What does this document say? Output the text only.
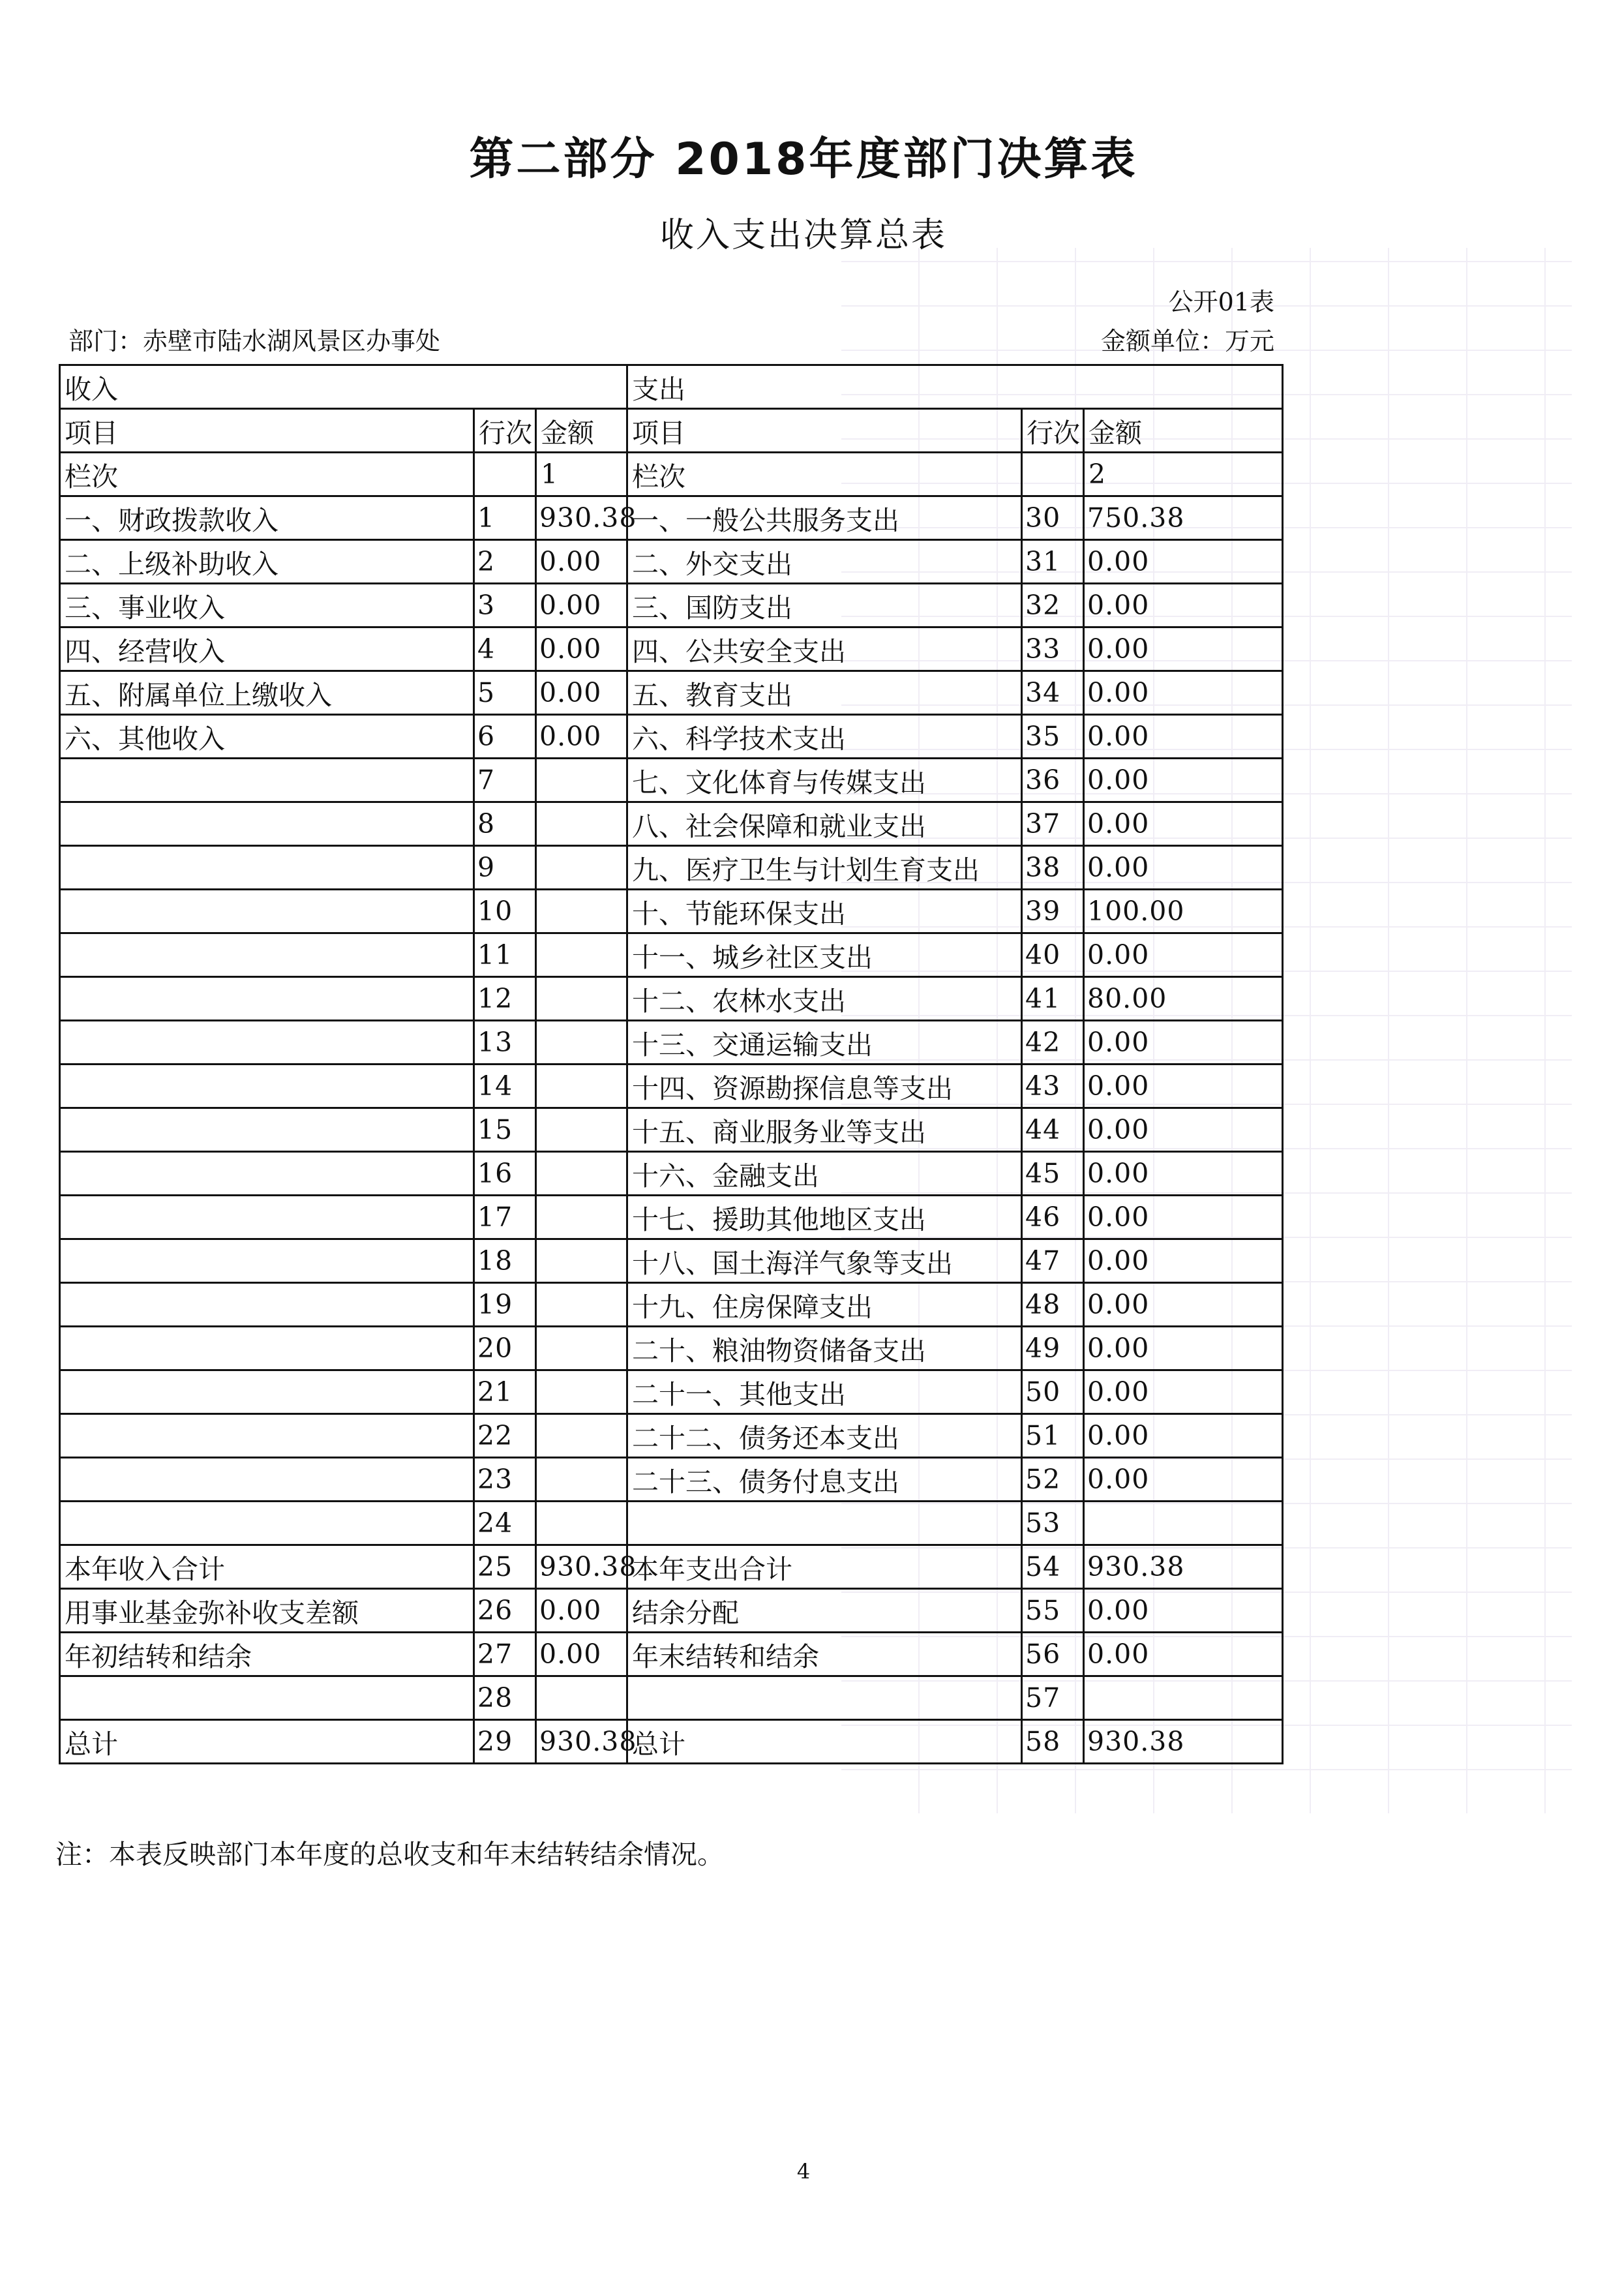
第二部分 2018年度部门决算表
收入支出决算总表
公开01表
部门：赤壁市陆水湖风景区办事处	金额单位：万元
收入			支出		
项目	行次	金额	项目	行次	金额
栏次		1	栏次		2
一、财政拨款收入	1	930.38	一、一般公共服务支出	30	750.38
二、上级补助收入	2	0.00	二、外交支出	31	0.00
三、事业收入	3	0.00	三、国防支出	32	0.00
四、经营收入	4	0.00	四、公共安全支出	33	0.00
五、附属单位上缴收入	5	0.00	五、教育支出	34	0.00
六、其他收入	6	0.00	六、科学技术支出	35	0.00
	7		七、文化体育与传媒支出	36	0.00
	8		八、社会保障和就业支出	37	0.00
	9		九、医疗卫生与计划生育支出	38	0.00
	10		十、节能环保支出	39	100.00
	11		十一、城乡社区支出	40	0.00
	12		十二、农林水支出	41	80.00
	13		十三、交通运输支出	42	0.00
	14		十四、资源勘探信息等支出	43	0.00
	15		十五、商业服务业等支出	44	0.00
	16		十六、金融支出	45	0.00
	17		十七、援助其他地区支出	46	0.00
	18		十八、国土海洋气象等支出	47	0.00
	19		十九、住房保障支出	48	0.00
	20		二十、粮油物资储备支出	49	0.00
	21		二十一、其他支出	50	0.00
	22		二十二、债务还本支出	51	0.00
	23		二十三、债务付息支出	52	0.00
	24			53	
本年收入合计	25	930.38	本年支出合计	54	930.38
用事业基金弥补收支差额	26	0.00	结余分配	55	0.00
年初结转和结余	27	0.00	年末结转和结余	56	0.00
	28			57	
总计	29	930.38	总计	58	930.38
注：本表反映部门本年度的总收支和年末结转结余情况。
4
